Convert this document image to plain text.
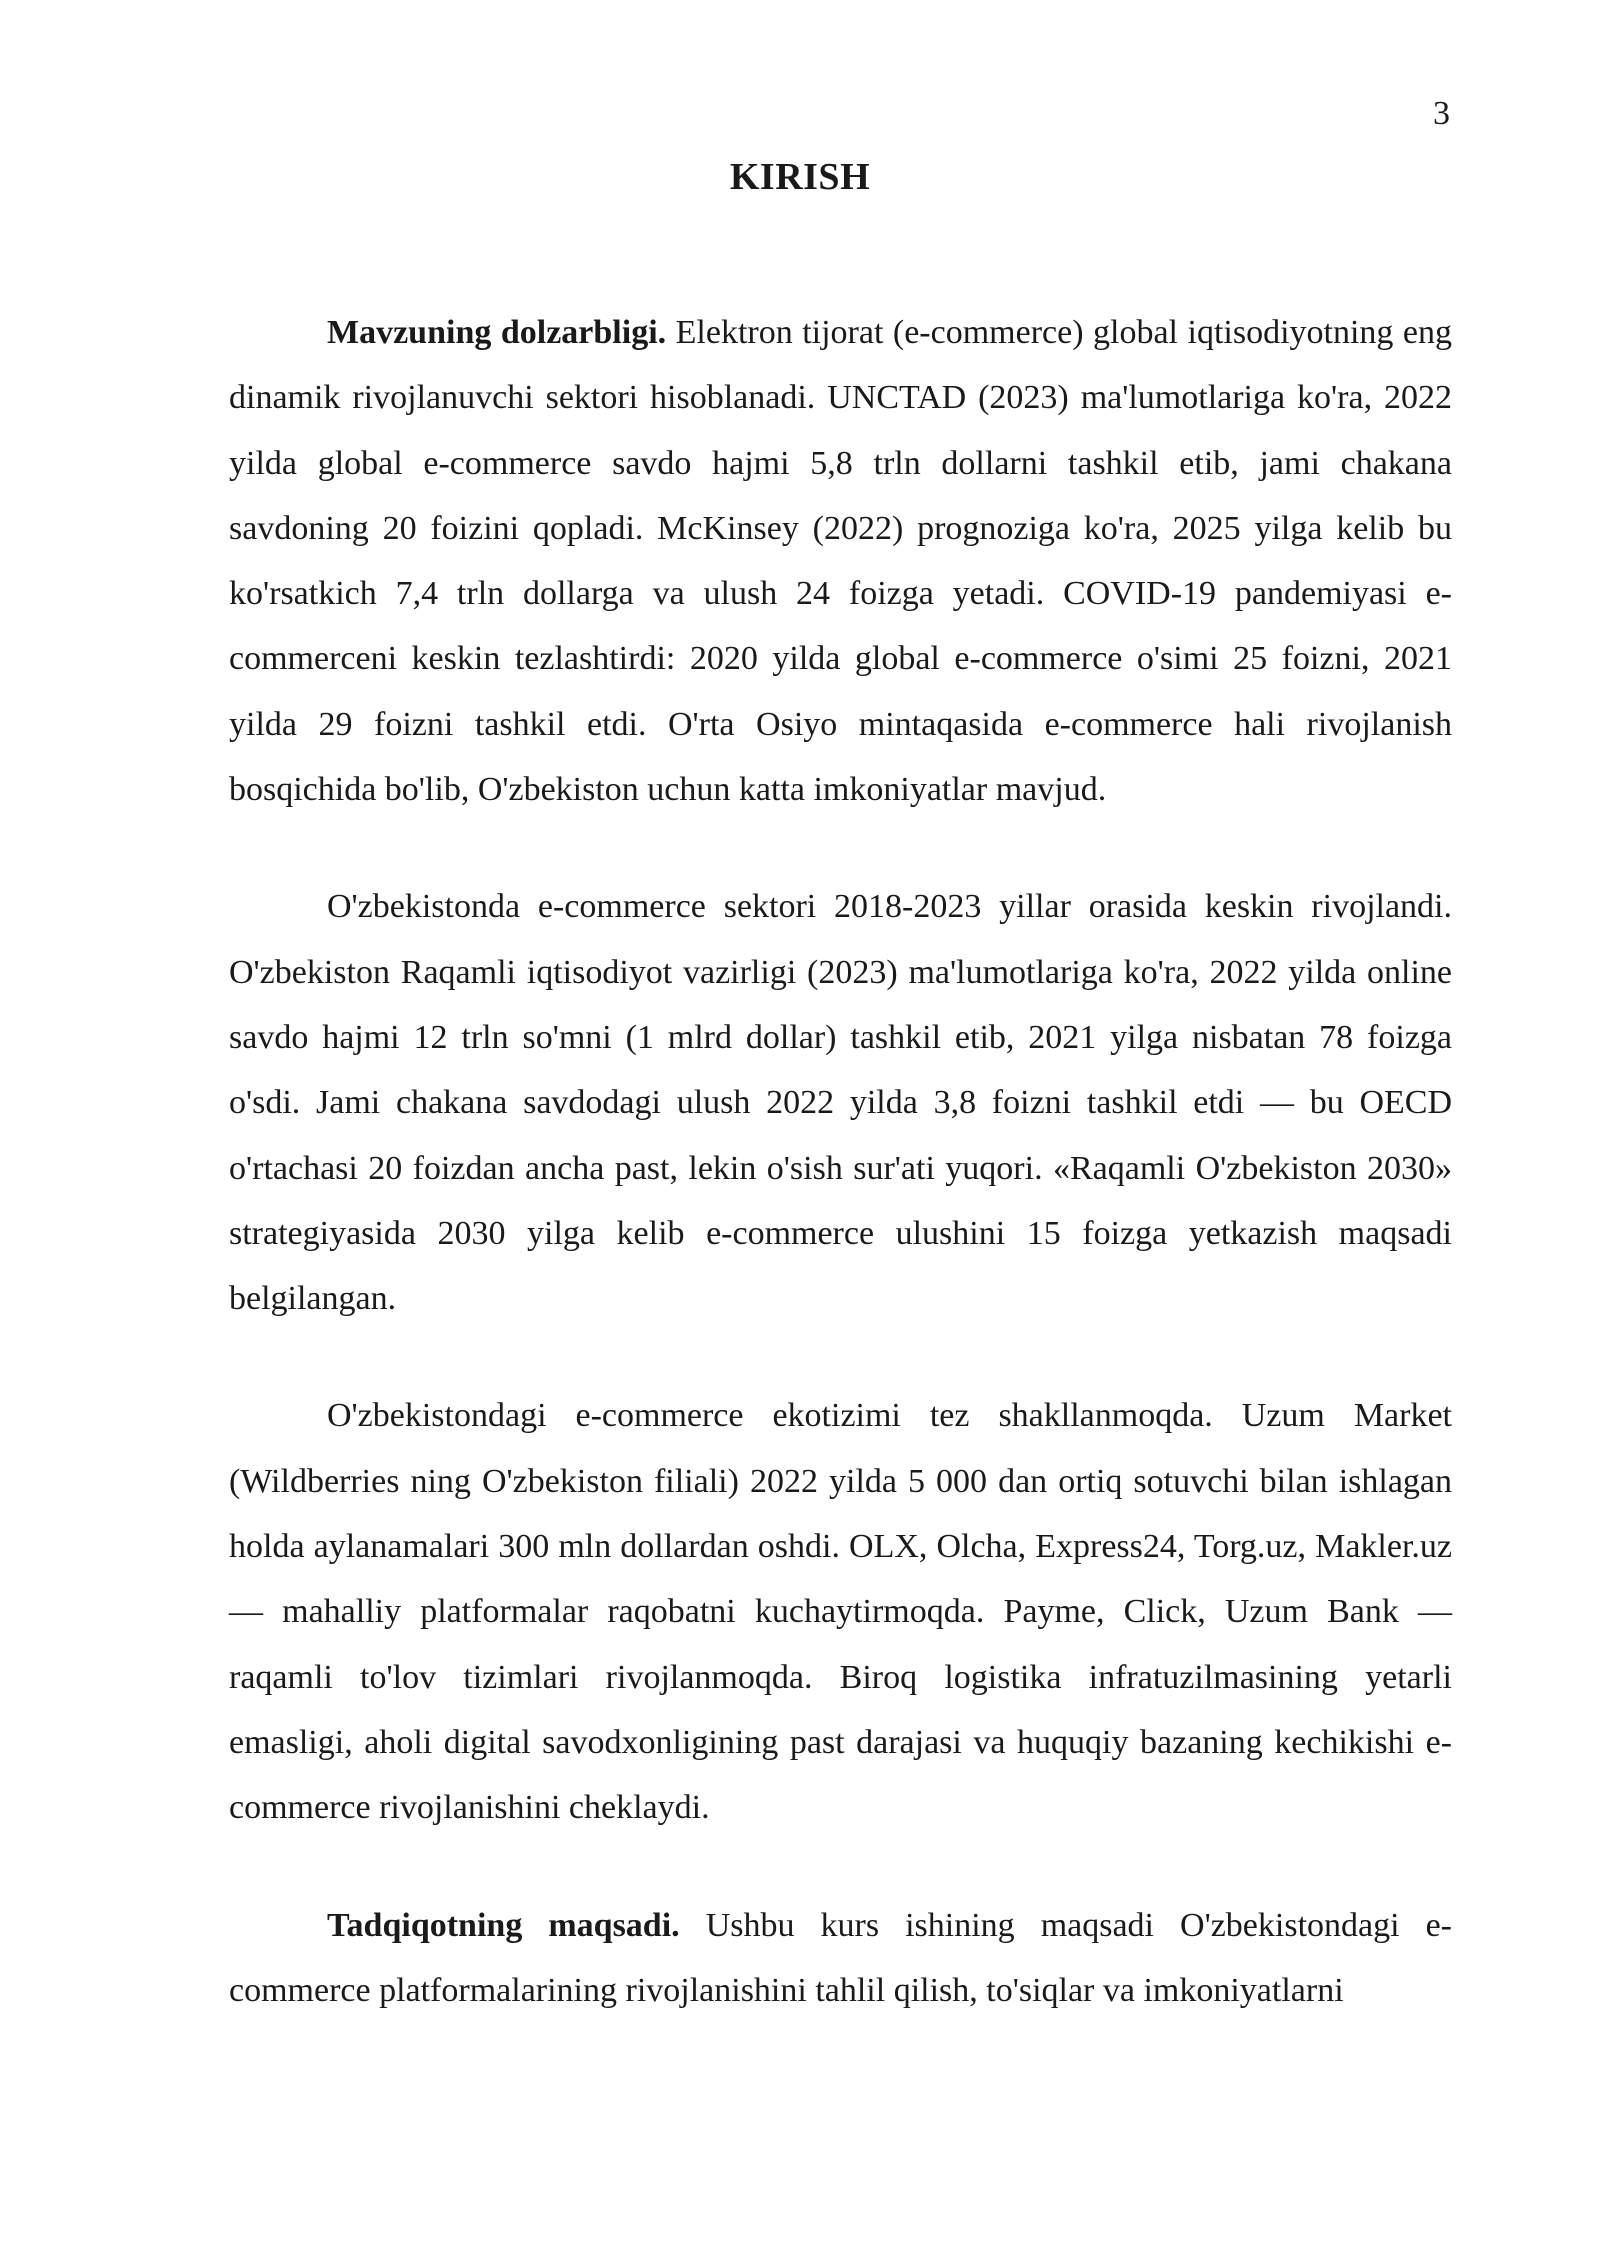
3
KIRISH

Mavzuning dolzarbligi. Elektron tijorat (e-commerce) global iqtisodiyotning eng dinamik rivojlanuvchi sektori hisoblanadi. UNCTAD (2023) ma'lumotlariga ko'ra, 2022 yilda global e-commerce savdo hajmi 5,8 trln dollarni tashkil etib, jami chakana savdoning 20 foizini qopladi. McKinsey (2022) prognoziga ko'ra, 2025 yilga kelib bu ko'rsatkich 7,4 trln dollarga va ulush 24 foizga yetadi. COVID-19 pandemiyasi e-commerceni keskin tezlashtirdi: 2020 yilda global e-commerce o'simi 25 foizni, 2021 yilda 29 foizni tashkil etdi. O'rta Osiyo mintaqasida e-commerce hali rivojlanish bosqichida bo'lib, O'zbekiston uchun katta imkoniyatlar mavjud.

O'zbekistonda e-commerce sektori 2018-2023 yillar orasida keskin rivojlandi. O'zbekiston Raqamli iqtisodiyot vazirligi (2023) ma'lumotlariga ko'ra, 2022 yilda online savdo hajmi 12 trln so'mni (1 mlrd dollar) tashkil etib, 2021 yilga nisbatan 78 foizga o'sdi. Jami chakana savdodagi ulush 2022 yilda 3,8 foizni tashkil etdi — bu OECD o'rtachasi 20 foizdan ancha past, lekin o'sish sur'ati yuqori. «Raqamli O'zbekiston 2030» strategiyasida 2030 yilga kelib e-commerce ulushini 15 foizga yetkazish maqsadi belgilangan.

O'zbekistondagi e-commerce ekotizimi tez shakllanmoqda. Uzum Market (Wildberries ning O'zbekiston filiali) 2022 yilda 5 000 dan ortiq sotuvchi bilan ishlagan holda aylanamalari 300 mln dollardan oshdi. OLX, Olcha, Express24, Torg.uz, Makler.uz — mahalliy platformalar raqobatni kuchaytirmoqda. Payme, Click, Uzum Bank — raqamli to'lov tizimlari rivojlanmoqda. Biroq logistika infratuzilmasining yetarli emasligi, aholi digital savodxonligining past darajasi va huquqiy bazaning kechikishi e-commerce rivojlanishini cheklaydi.

Tadqiqotning maqsadi. Ushbu kurs ishining maqsadi O'zbekistondagi e-commerce platformalarining rivojlanishini tahlil qilish, to'siqlar va imkoniyatlarni
